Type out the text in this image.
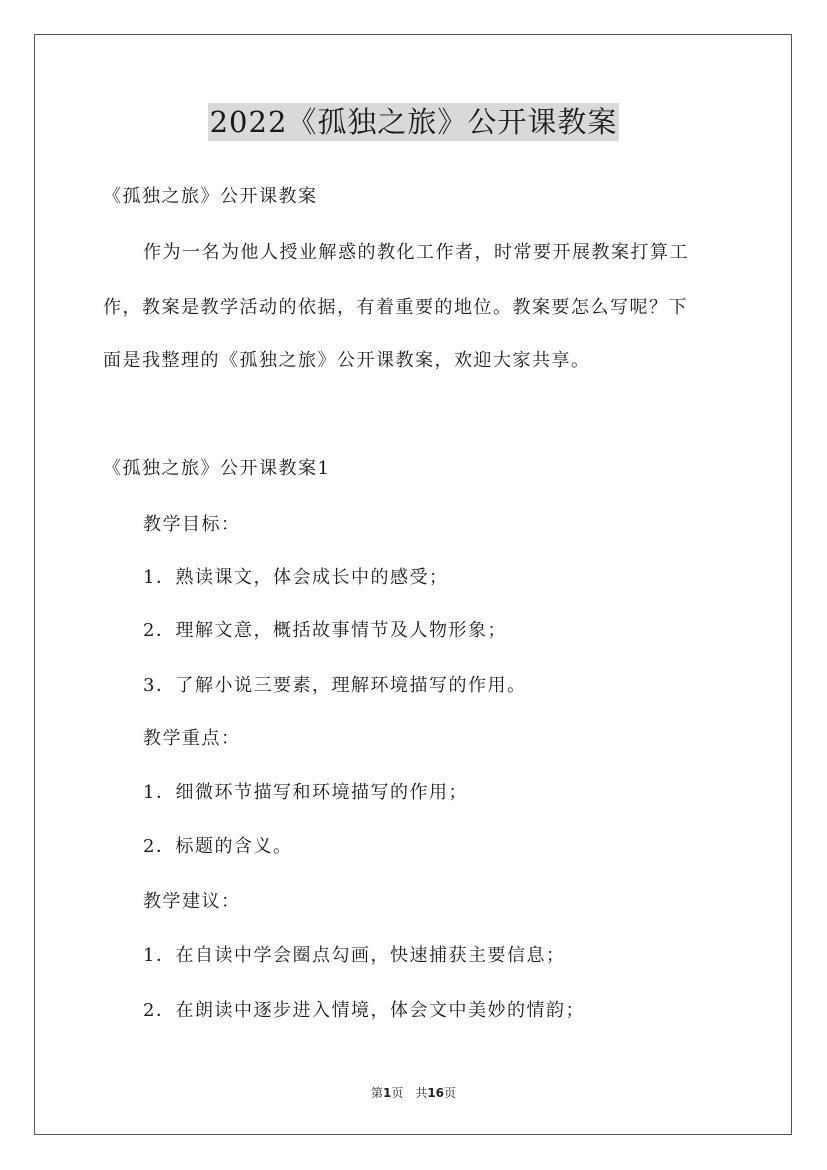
2022《孤独之旅》公开课教案
《孤独之旅》公开课教案
作为一名为他人授业解惑的教化工作者，时常要开展教案打算工
作，教案是教学活动的依据，有着重要的地位。教案要怎么写呢？下
面是我整理的《孤独之旅》公开课教案，欢迎大家共享。
《孤独之旅》公开课教案1
教学目标：
1．熟读课文，体会成长中的感受；
2．理解文意，概括故事情节及人物形象；
3．了解小说三要素，理解环境描写的作用。
教学重点：
1．细微环节描写和环境描写的作用；
2．标题的含义。
教学建议：
1．在自读中学会圈点勾画，快速捕获主要信息；
2．在朗读中逐步进入情境，体会文中美妙的情韵；
第1页　共16页
